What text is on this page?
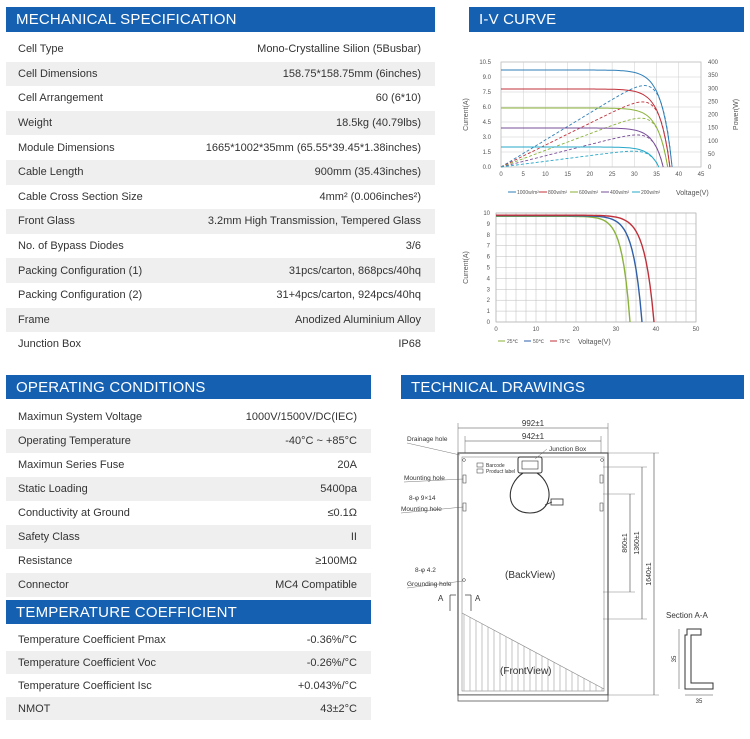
MECHANICAL SPECIFICATION
Cell Type	Mono-Crystalline Silion (5Busbar)
Cell Dimensions	158.75*158.75mm (6inches)
Cell Arrangement	60 (6*10)
Weight	18.5kg (40.79lbs)
Module Dimensions	1665*1002*35mm (65.55*39.45*1.38inches)
Cable Length	900mm (35.43inches)
Cable Cross Section Size	4mm² (0.006inches²)
Front Glass	3.2mm High Transmission, Tempered Glass
No. of Bypass Diodes	3/6
Packing Configuration (1)	31pcs/carton, 868pcs/40hq
Packing Configuration (2)	31+4pcs/carton, 924pcs/40hq
Frame	Anodized Aluminium Alloy
Junction Box	IP68
OPERATING CONDITIONS
Maximun System Voltage	1000V/1500V/DC(IEC)
Operating Temperature	-40°C ~ +85°C
Maximun Series Fuse	20A
Static Loading	5400pa
Conductivity at Ground	≤0.1Ω
Safety Class	II
Resistance	≥100MΩ
Connector	MC4 Compatible
TEMPERATURE COEFFICIENT
Temperature Coefficient Pmax	-0.36%/°C
Temperature Coefficient Voc	-0.26%/°C
Temperature Coefficient Isc	+0.043%/°C
NMOT	43±2°C
I-V CURVE
0	5	10	15	20	25	30	35	40	45
0.0
1.5
3.0
4.5
6.0
7.5
9.0
10.5
0
50
100
150
200
250
300
350
400
Current(A)	Power(W)
1000w/m² 800w/m² 600w/m² 400w/m² 200w/m² Voltage(V)
0	10	20	30	40	50
0
1
2
3
4
5
6
7
8
9
10
Current(A)
25℃	50℃	75℃ Voltage(V)
TECHNICAL DRAWINGS
992±1
942±1
Barcode
Product label
Drainage hole
Mounting hole
8-φ 9×14
Mounting hole
8-φ 4.2
Grounding hole
A	A
Junction Box
(BackView)
(FrontView)
860±1 1360±1
1640±1
Section A-A
35
35
